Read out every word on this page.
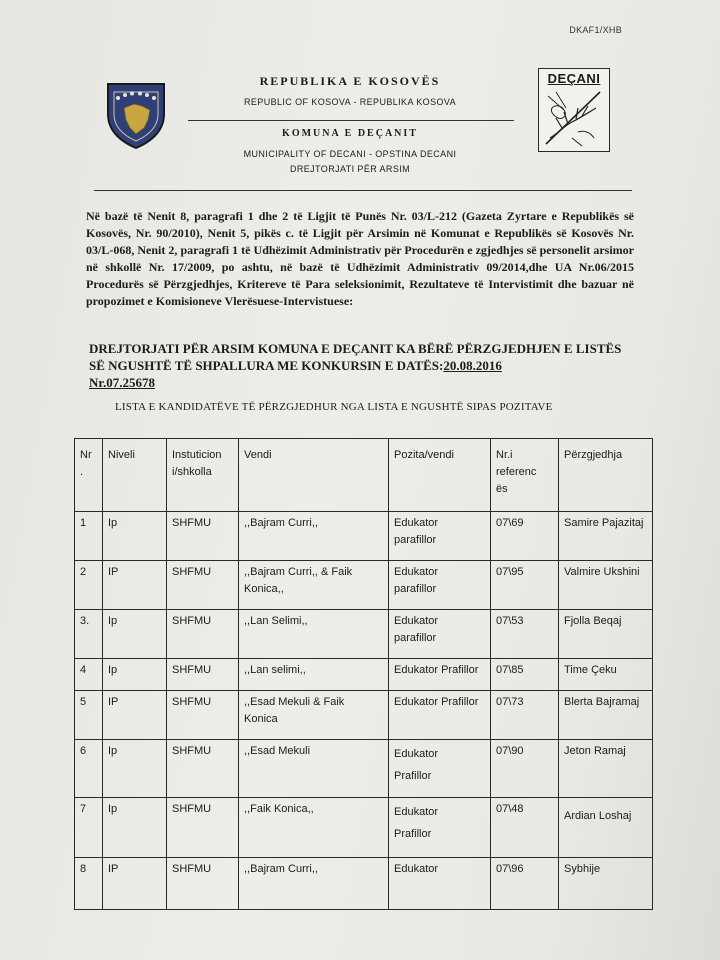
DKAF1/XHB
DEÇANI
REPUBLIKA E KOSOVËS
REPUBLIC OF KOSOVA - REPUBLIKA KOSOVA
KOMUNA E DEÇANIT
MUNICIPALITY OF DECANI - OPSTINA DECANI
DREJTORJATI PËR ARSIM
Në bazë të Nenit 8, paragrafi 1 dhe 2 të Ligjit të Punës Nr. 03/L-212 (Gazeta Zyrtare e Republikës së Kosovës, Nr. 90/2010), Nenit 5, pikës c. të Ligjit për Arsimin në Komunat e Republikës së Kosovës Nr. 03/L-068, Nenit 2, paragrafi 1 të Udhëzimit Administrativ për Procedurën e zgjedhjes së personelit arsimor në shkollë Nr. 17/2009, po ashtu, në bazë të Udhëzimit Administrativ 09/2014,dhe UA Nr.06/2015 Procedurës së Përzgjedhjes, Kritereve të Para seleksionimit, Rezultateve të Intervistimit dhe bazuar në propozimet e Komisioneve Vlerësuese-Intervistuese:
DREJTORJATI PËR ARSIM KOMUNA E DEÇANIT KA BËRË PËRZGJEDHJEN E LISTËS SË NGUSHTË TË SHPALLURA ME KONKURSIN E DATËS:20.08.2016
Nr.07.25678
LISTA E KANDIDATËVE TË PËRZGJEDHUR NGA LISTA E NGUSHTË SIPAS POZITAVE
Nr
.	Niveli	Instuticion
i/shkolla	Vendi	Pozita/vendi	Nr.i
referenc
ës	Përzgjedhja
1	Ip	SHFMU	,,Bajram Curri,,	Edukator
parafillor	07\69	Samire Pajazitaj
2	IP	SHFMU	,,Bajram Curri,, & Faik
Konica,,	Edukator
parafillor	07\95	Valmire Ukshini
3.	Ip	SHFMU	,,Lan Selimi,,	Edukator
parafillor	07\53	Fjolla Beqaj
4	Ip	SHFMU	,,Lan selimi,,	Edukator Prafillor	07\85	Time Çeku
5	IP	SHFMU	,,Esad Mekuli & Faik
Konica	Edukator Prafillor	07\73	Blerta Bajramaj
6	Ip	SHFMU	,,Esad Mekuli	Edukator
Prafillor	07\90	Jeton Ramaj
7	Ip	SHFMU	,,Faik Konica,,	Edukator
Prafillor	07\48	Ardian Loshaj
8	IP	SHFMU	,,Bajram Curri,,	Edukator	07\96	Sybhije
